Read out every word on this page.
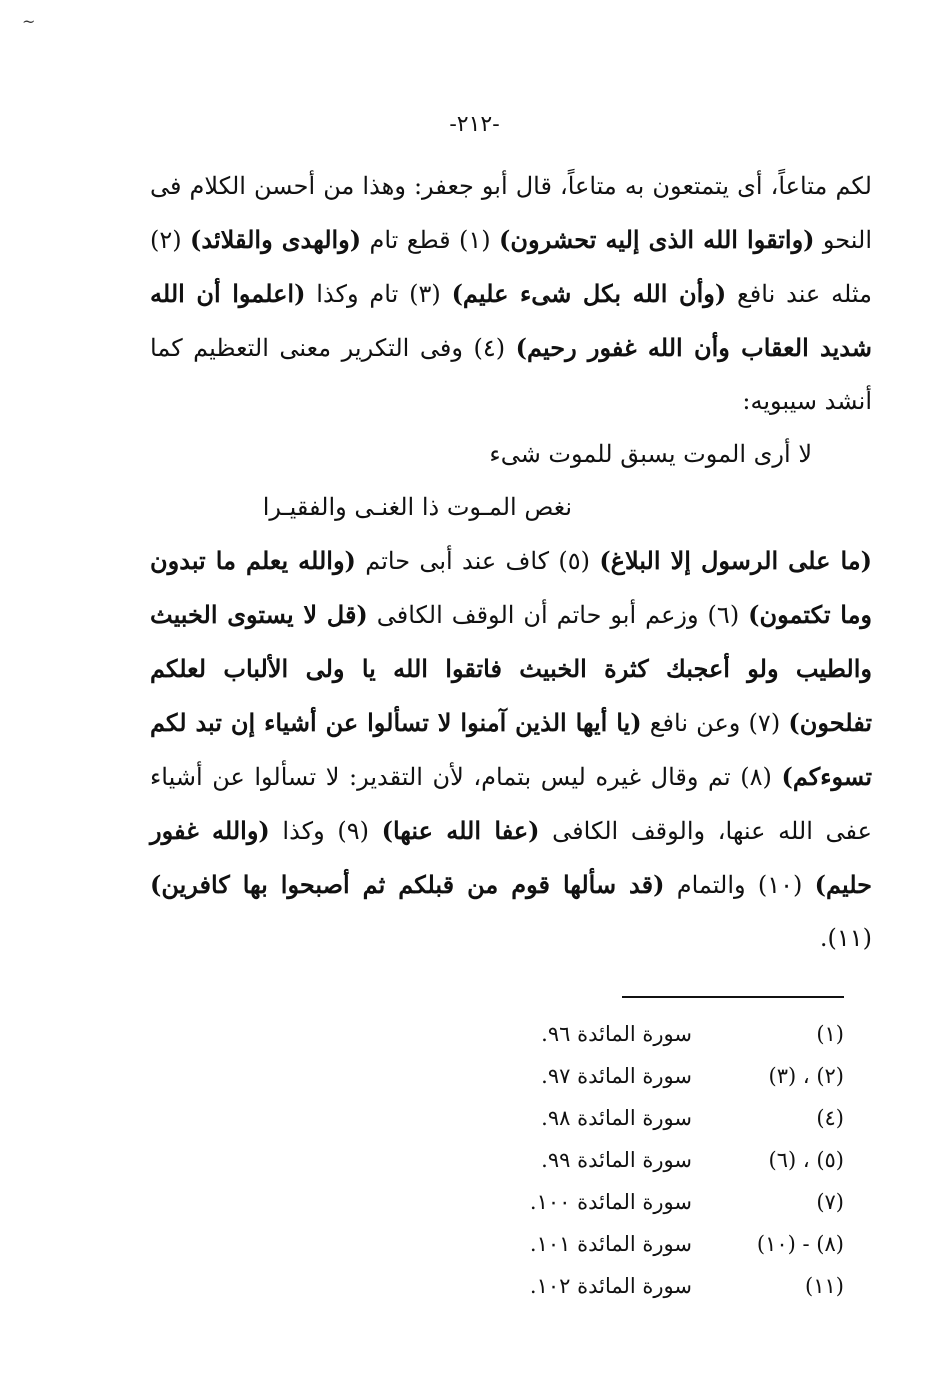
~
-٢١٢-

لكم متاعاً، أى يتمتعون به متاعاً، قال أبو جعفر: وهذا من أحسن الكلام فى النحو (واتقوا الله الذى إليه تحشرون) (١) قطع تام (والهدى والقلائد) (٢) مثله عند نافع (وأن الله بكل شىء عليم) (٣) تام وكذا (اعلموا أن الله شديد العقاب وأن الله غفور رحيم) (٤) وفى التكرير معنى التعظيم كما أنشد سيبويه:

لا أرى الموت يسبق للموت شىء

نغص المـوت ذا الغنـى والفقيـرا

(ما على الرسول إلا البلاغ) (٥) كاف عند أبى حاتم (والله يعلم ما تبدون وما تكتمون) (٦) وزعم أبو حاتم أن الوقف الكافى (قل لا يستوى الخبيث والطيب ولو أعجبك كثرة الخبيث فاتقوا الله يا ولى الألباب لعلكم تفلحون) (٧) وعن نافع (يا أيها الذين آمنوا لا تسألوا عن أشياء إن تبد لكم تسوءكم) (٨) تم وقال غيره ليس بتمام، لأن التقدير: لا تسألوا عن أشياء عفى الله عنها، والوقف الكافى (عفا الله عنها) (٩) وكذا (والله غفور حليم) (١٠) والتمام (قد سألها قوم من قبلكم ثم أصبحوا بها كافرين) (١١).

(١)
سورة المائدة ٩٦.
(٢) ، (٣)
سورة المائدة ٩٧.
(٤)
سورة المائدة ٩٨.
(٥) ، (٦)
سورة المائدة ٩٩.
(٧)
سورة المائدة ١٠٠.
(٨) - (١٠)
سورة المائدة ١٠١.
(١١)
سورة المائدة ١٠٢.
